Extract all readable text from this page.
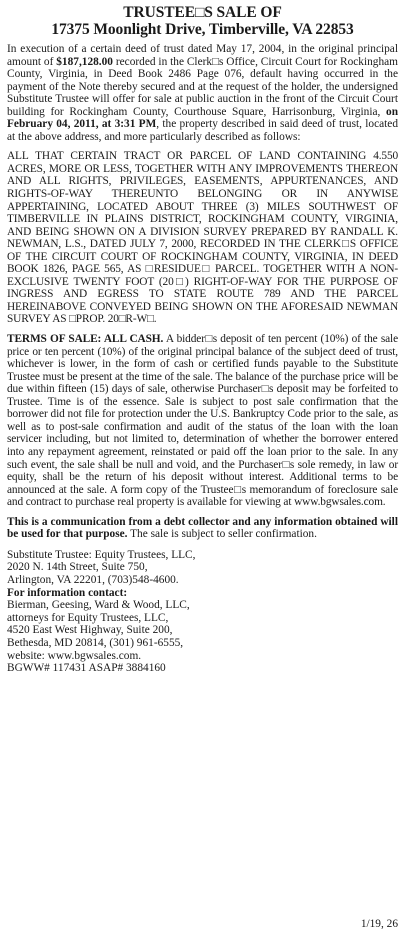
TRUSTEE□S SALE OF
17375 Moonlight Drive, Timberville, VA 22853

In execution of a certain deed of trust dated May 17, 2004, in the original principal amount of $187,128.00 recorded in the Clerk□s Office, Circuit Court for Rockingham County, Virginia, in Deed Book 2486 Page 076, default having occurred in the payment of the Note thereby secured and at the request of the holder, the undersigned Substitute Trustee will offer for sale at public auction in the front of the Circuit Court building for Rockingham County, Courthouse Square, Harrisonburg, Virginia, on February 04, 2011, at 3:31 PM, the property described in said deed of trust, located at the above address, and more particularly described as follows:

ALL THAT CERTAIN TRACT OR PARCEL OF LAND CONTAINING 4.550 ACRES, MORE OR LESS, TOGETHER WITH ANY IMPROVEMENTS THEREON AND ALL RIGHTS, PRIVILEGES, EASEMENTS, APPURTENANCES, AND RIGHTS-OF-WAY THEREUNTO BELONGING OR IN ANYWISE APPERTAINING, LOCATED ABOUT THREE (3) MILES SOUTHWEST OF TIMBERVILLE IN PLAINS DISTRICT, ROCKINGHAM COUNTY, VIRGINIA, AND BEING SHOWN ON A DIVISION SURVEY PREPARED BY RANDALL K. NEWMAN, L.S., DATED JULY 7, 2000, RECORDED IN THE CLERK□S OFFICE OF THE CIRCUIT COURT OF ROCKINGHAM COUNTY, VIRGINIA, IN DEED BOOK 1826, PAGE 565, AS □RESIDUE□ PARCEL. TOGETHER WITH A NON-EXCLUSIVE TWENTY FOOT (20□) RIGHT-OF-WAY FOR THE PURPOSE OF INGRESS AND EGRESS TO STATE ROUTE 789 AND THE PARCEL HEREINABOVE CONVEYED BEING SHOWN ON THE AFORESAID NEWMAN SURVEY AS □PROP. 20□R-W□.

TERMS OF SALE: ALL CASH. A bidder□s deposit of ten percent (10%) of the sale price or ten percent (10%) of the original principal balance of the subject deed of trust, whichever is lower, in the form of cash or certified funds payable to the Substitute Trustee must be present at the time of the sale. The balance of the purchase price will be due within fifteen (15) days of sale, otherwise Purchaser□s deposit may be forfeited to Trustee. Time is of the essence. Sale is subject to post sale confirmation that the borrower did not file for protection under the U.S. Bankruptcy Code prior to the sale, as well as to post-sale confirmation and audit of the status of the loan with the loan servicer including, but not limited to, determination of whether the borrower entered into any repayment agreement, reinstated or paid off the loan prior to the sale. In any such event, the sale shall be null and void, and the Purchaser□s sole remedy, in law or equity, shall be the return of his deposit without interest. Additional terms to be announced at the sale. A form copy of the Trustee□s memorandum of foreclosure sale and contract to purchase real property is available for viewing at www.bgwsales.com.

This is a communication from a debt collector and any information obtained will be used for that purpose. The sale is subject to seller confirmation.

Substitute Trustee: Equity Trustees, LLC,
2020 N. 14th Street, Suite 750,
Arlington, VA 22201, (703)548-4600.
For information contact:
Bierman, Geesing, Ward & Wood, LLC,
attorneys for Equity Trustees, LLC,
4520 East West Highway, Suite 200,
Bethesda, MD 20814, (301) 961-6555,
website: www.bgwsales.com.
BGWW# 117431 ASAP# 3884160
1/19, 26
